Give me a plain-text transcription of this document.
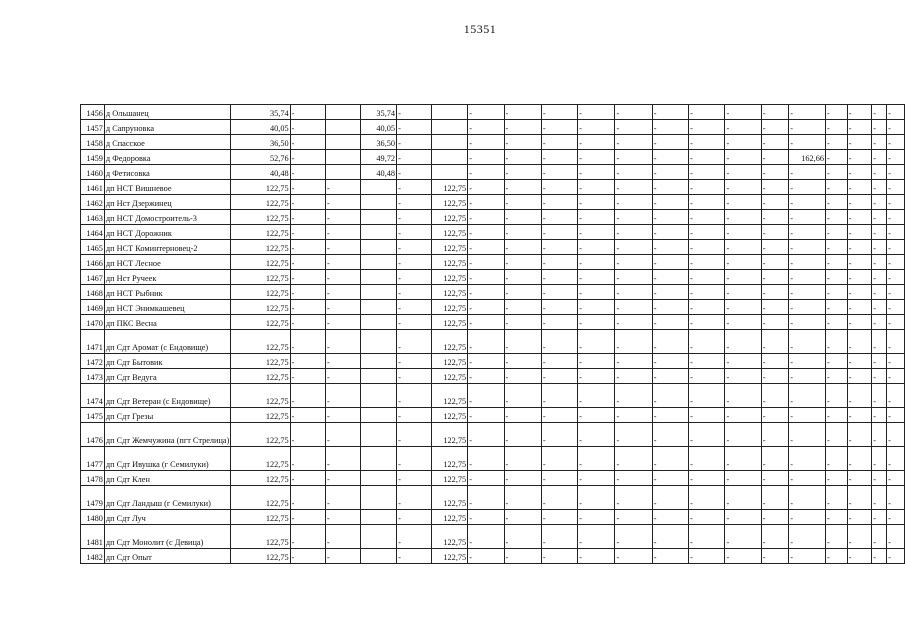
15351
1456	д Ольшанец	35,74	-		35,74	-		-	-	-	-	-	-	-	-	-	-	-	-	-	-
1457	д Сапруновка	40,05	-		40,05	-		-	-	-	-	-	-	-	-	-	-	-	-	-	-
1458	д Спасское	36,50	-		36,50	-		-	-	-	-	-	-	-	-	-	-	-	-	-	-
1459	д Федоровка	52,76	-		49,72	-		-	-	-	-	-	-	-	-	-	162,66	-	-	-	-
1460	д Фетисовка	40,48	-		40,48	-		-	-	-	-	-	-	-	-	-	-	-	-	-	-
1461	дп НСТ Вишневое	122,75	-	-		-	122,75	-	-	-	-	-	-	-	-	-	-	-	-	-	-
1462	дп Нст Дзержинец	122,75	-	-		-	122,75	-	-	-	-	-	-	-	-	-	-	-	-	-	-
1463	дп НСТ Домостроитель-3	122,75	-	-		-	122,75	-	-	-	-	-	-	-	-	-	-	-	-	-	-
1464	дп НСТ Дорожник	122,75	-	-		-	122,75	-	-	-	-	-	-	-	-	-	-	-	-	-	-
1465	дп НСТ Коминтерновец-2	122,75	-	-		-	122,75	-	-	-	-	-	-	-	-	-	-	-	-	-	-
1466	дп НСТ Лесное	122,75	-	-		-	122,75	-	-	-	-	-	-	-	-	-	-	-	-	-	-
1467	дп Нст Ручеек	122,75	-	-		-	122,75	-	-	-	-	-	-	-	-	-	-	-	-	-	-
1468	дп НСТ Рыбник	122,75	-	-		-	122,75	-	-	-	-	-	-	-	-	-	-	-	-	-	-
1469	дп НСТ Энимкашевец	122,75	-	-		-	122,75	-	-	-	-	-	-	-	-	-	-	-	-	-	-
1470	дп ПКС Весна	122,75	-	-		-	122,75	-	-	-	-	-	-	-	-	-	-	-	-	-	-
1471	дп Сдт Аромат (с Ендовище)	122,75	-	-		-	122,75	-	-	-	-	-	-	-	-	-	-	-	-	-	-
1472	дп Сдт Бытовик	122,75	-	-		-	122,75	-	-	-	-	-	-	-	-	-	-	-	-	-	-
1473	дп Сдт Ведуга	122,75	-	-		-	122,75	-	-	-	-	-	-	-	-	-	-	-	-	-	-
1474	дп Сдт Ветеран (с Ендовище)	122,75	-	-		-	122,75	-	-	-	-	-	-	-	-	-	-	-	-	-	-
1475	дп Сдт Грезы	122,75	-	-		-	122,75	-	-	-	-	-	-	-	-	-	-	-	-	-	-
1476	дп Сдт Жемчужина (пгт Стрелица)	122,75	-	-		-	122,75	-	-	-	-	-	-	-	-	-	-	-	-	-	-
1477	дп Сдт Ивушка (г Семилуки)	122,75	-	-		-	122,75	-	-	-	-	-	-	-	-	-	-	-	-	-	-
1478	дп Сдт Клен	122,75	-	-		-	122,75	-	-	-	-	-	-	-	-	-	-	-	-	-	-
1479	дп Сдт Ландыш (г Семилуки)	122,75	-	-		-	122,75	-	-	-	-	-	-	-	-	-	-	-	-	-	-
1480	дп Сдт Луч	122,75	-	-		-	122,75	-	-	-	-	-	-	-	-	-	-	-	-	-	-
1481	дп Сдт Монолит (с Девица)	122,75	-	-		-	122,75	-	-	-	-	-	-	-	-	-	-	-	-	-	-
1482	дп Сдт Опыт	122,75	-	-		-	122,75	-	-	-	-	-	-	-	-	-	-	-	-	-	-
